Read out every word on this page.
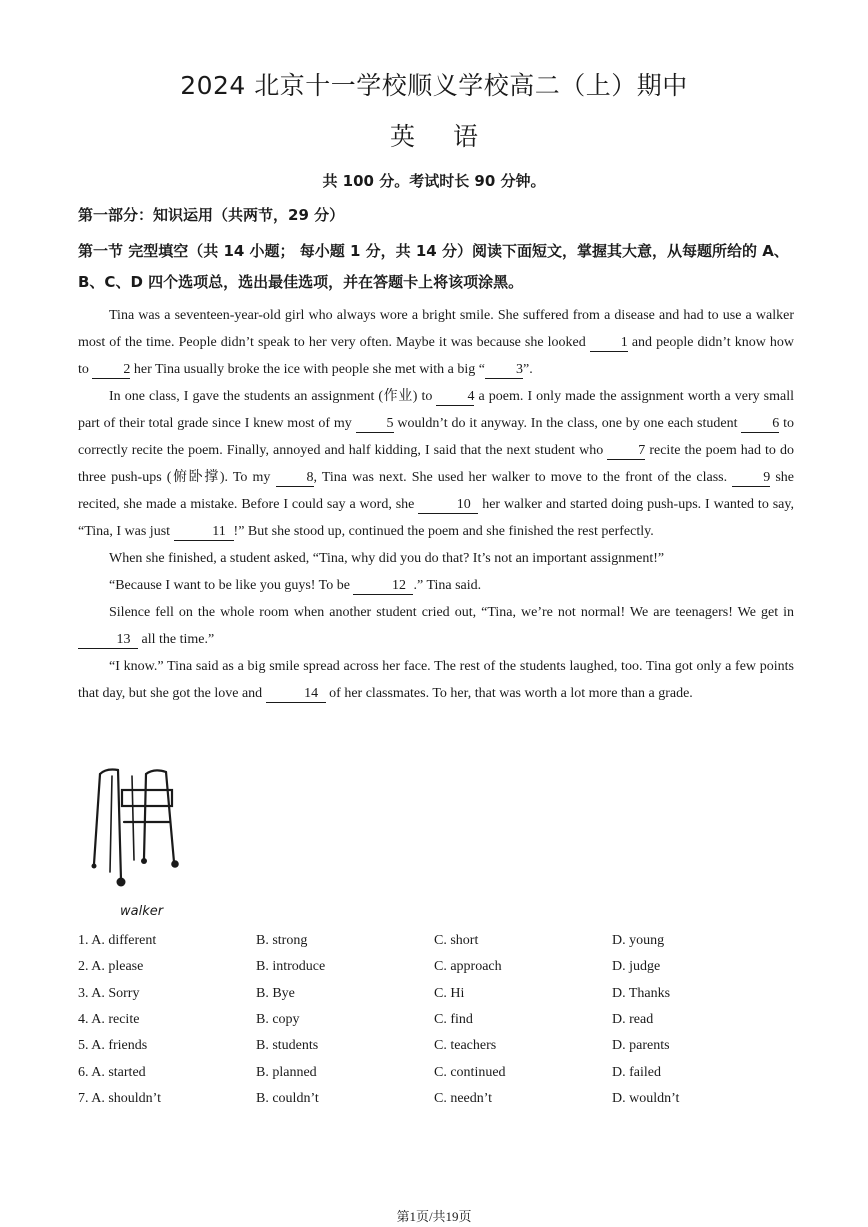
2024 北京十一学校顺义学校高二（上）期中
英语
共 100 分。考试时长 90 分钟。
第一部分：知识运用（共两节，29 分）
第一节 完型填空（共 14 小题； 每小题 1 分，共 14 分）阅读下面短文，掌握其大意，从每题所给的 A、B、C、D 四个选项总，选出最佳选项，并在答题卡上将该项涂黑。

Tina was a seventeen-year-old girl who always wore a bright smile. She suffered from a disease and had to use a walker most of the time. People didn’t speak to her very often. Maybe it was because she looked 1 and people didn’t know how to 2 her Tina usually broke the ice with people she met with a big “ 3”.

In one class, I gave the students an assignment (作业) to 4 a poem. I only made the assignment worth a very small part of their total grade since I knew most of my 5 wouldn’t do it anyway. In the class, one by one each student 6 to correctly recite the poem. Finally, annoyed and half kidding, I said that the next student who 7 recite the poem had to do three push-ups (俯卧撑). To my 8, Tina was next. She used her walker to move to the front of the class. 9 she recited, she made a mistake. Before I could say a word, she	10 her walker and started doing push-ups. I wanted to say, “Tina, I was just	11 !” But she stood up, continued the poem and she finished the rest perfectly.

When she finished, a student asked, “Tina, why did you do that? It’s not an important assignment!”

“Because I want to be like you guys! To be	12 .” Tina said.

Silence fell on the whole room when another student cried out, “Tina, we’re not normal! We are teenagers! We get in 13 all the time.”

“I know.” Tina said as a big smile spread across her face. The rest of the students laughed, too. Tina got only a few points that day, but she got the love and	14 of her classmates. To her, that was worth a lot more than a grade.

walker
1. A. different	B. strong	C. short	D. young
2. A. please	B. introduce	C. approach	D. judge
3. A. Sorry	B. Bye	C. Hi	D. Thanks
4. A. recite	B. copy	C. find	D. read
5. A. friends	B. students	C. teachers	D. parents
6. A. started	B. planned	C. continued	D. failed
7. A. shouldn’t	B. couldn’t	C. needn’t	D. wouldn’t
第1页/共19页
